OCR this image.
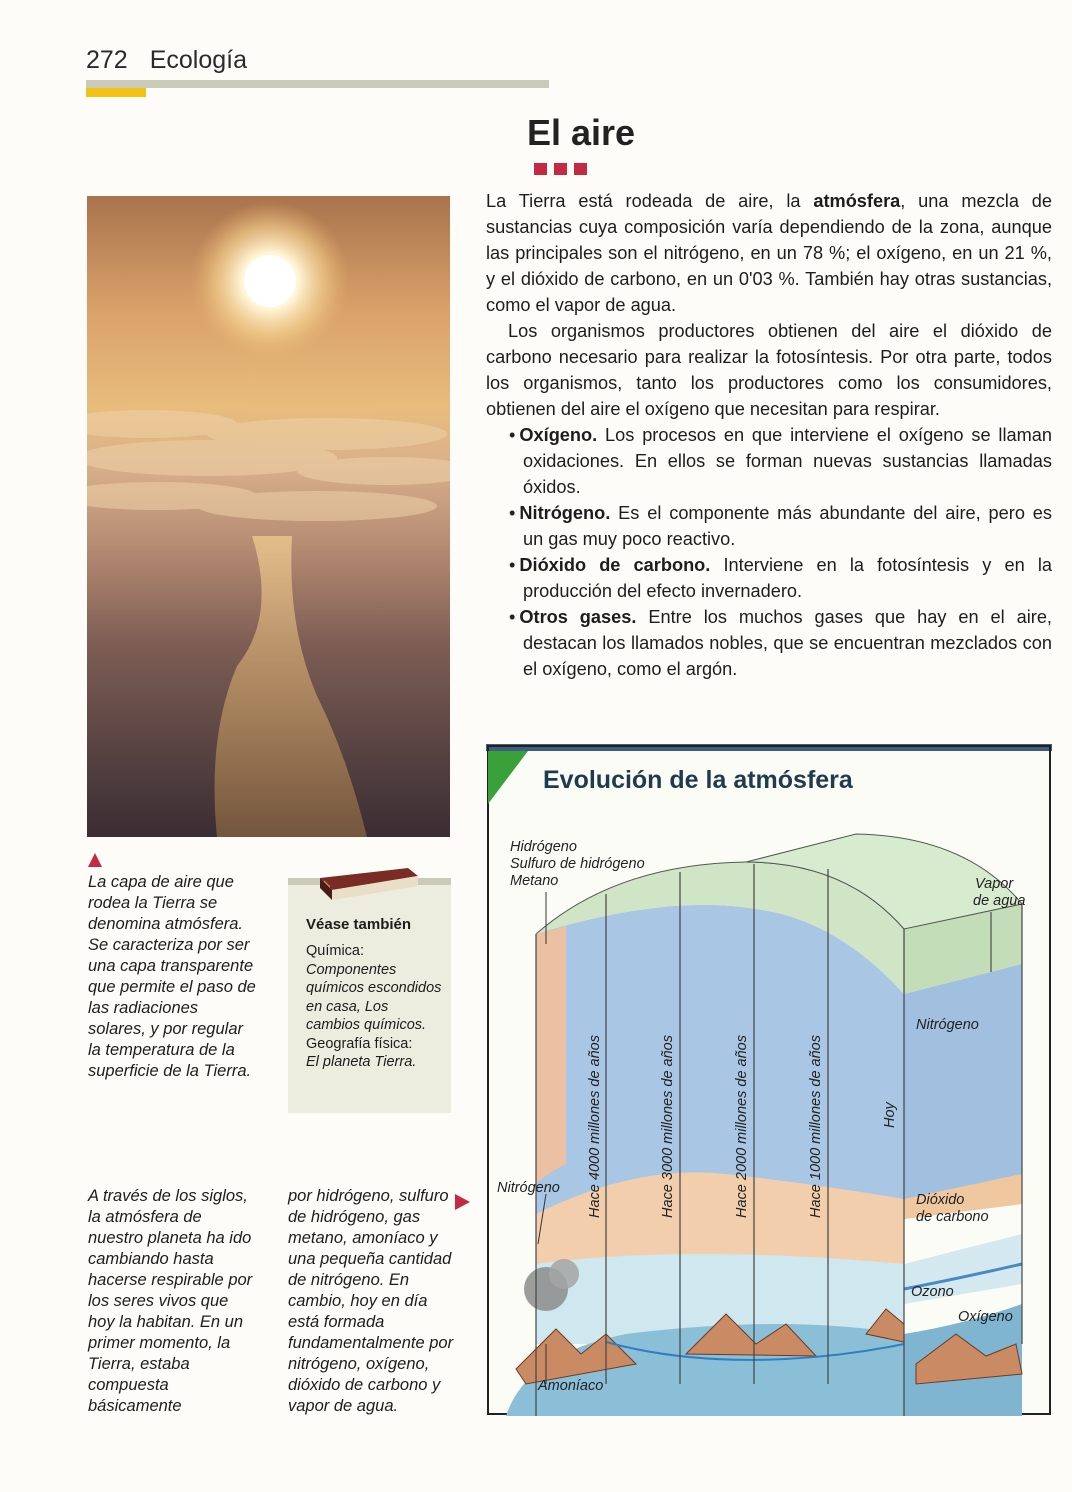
272 Ecología
El aire

La Tierra está rodeada de aire, la atmósfera, una mezcla de sustancias cuya composición varía dependiendo de la zona, aunque las principales son el nitrógeno, en un 78 %; el oxígeno, en un 21 %, y el dióxido de carbono, en un 0'03 %. También hay otras sustancias, como el vapor de agua.

Los organismos productores obtienen del aire el dióxido de carbono necesario para realizar la fotosíntesis. Por otra parte, todos los organismos, tanto los productores como los consumidores, obtienen del aire el oxígeno que necesitan para respirar.

• Oxígeno. Los procesos en que interviene el oxígeno se llaman oxidaciones. En ellos se forman nuevas sustancias llamadas óxidos.
• Nitrógeno. Es el componente más abundante del aire, pero es un gas muy poco reactivo.
• Dióxido de carbono. Interviene en la fotosíntesis y en la producción del efecto invernadero.
• Otros gases. Entre los muchos gases que hay en el aire, destacan los llamados nobles, que se encuentran mezclados con el oxígeno, como el argón.
La capa de aire que rodea la Tierra se denomina atmósfera. Se caracteriza por ser una capa transparente que permite el paso de las radiaciones solares, y por regular la temperatura de la superficie de la Tierra.
Véase también
Química:
Componentes químicos escondidos en casa, Los cambios químicos.
Geografía física:
El planeta Tierra.
A través de los siglos, la atmósfera de nuestro planeta ha ido cambiando hasta hacerse respirable por los seres vivos que hoy la habitan. En un primer momento, la Tierra, estaba compuesta básicamente
por hidrógeno, sulfuro de hidrógeno, gas metano, amoníaco y una pequeña cantidad de nitrógeno. En cambio, hoy en día está formada fundamentalmente por nitrógeno, oxígeno, dióxido de carbono y vapor de agua.
Evolución de la atmósfera
Hidrógeno
Sulfuro de hidrógeno
Metano	Vapor
de agua
Nitrógeno
Nitrógeno
Dióxido
de carbono
Ozono
Oxígeno
Amoníaco
Hace 4000 millones de años	Hace 3000 millones de años	Hace 2000 millones de años	Hace 1000 millones de años	Hoy
